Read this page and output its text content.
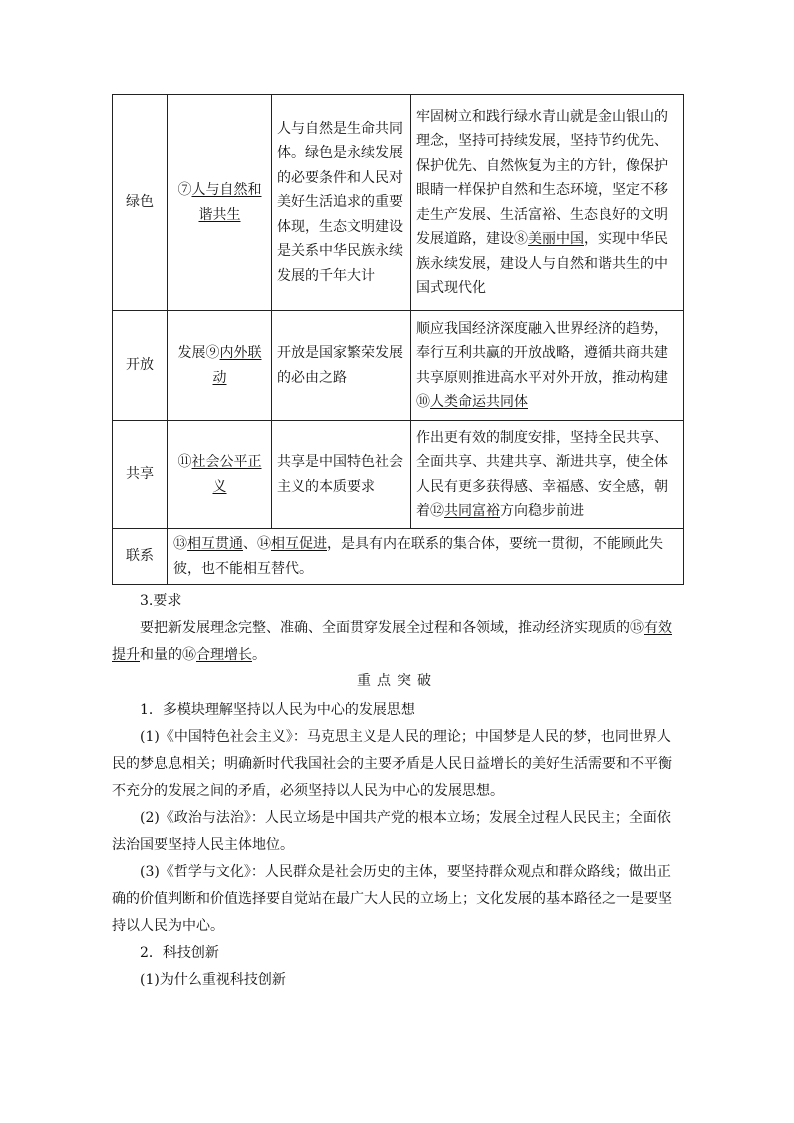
绿色	⑦人与自然和谐共生	人与自然是生命共同体。绿色是永续发展的必要条件和人民对美好生活追求的重要体现，生态文明建设是关系中华民族永续发展的千年大计	牢固树立和践行绿水青山就是金山银山的理念，坚持可持续发展，坚持节约优先、保护优先、自然恢复为主的方针，像保护眼睛一样保护自然和生态环境，坚定不移走生产发展、生活富裕、生态良好的文明发展道路，建设⑧美丽中国，实现中华民族永续发展，建设人与自然和谐共生的中国式现代化
开放	发展⑨内外联动	开放是国家繁荣发展的必由之路	顺应我国经济深度融入世界经济的趋势，奉行互利共赢的开放战略，遵循共商共建共享原则推进高水平对外开放，推动构建⑩人类命运共同体
共享	⑪社会公平正义	共享是中国特色社会主义的本质要求	作出更有效的制度安排，坚持全民共享、全面共享、共建共享、渐进共享，使全体人民有更多获得感、幸福感、安全感，朝着⑫共同富裕方向稳步前进
联系	⑬相互贯通、⑭相互促进，是具有内在联系的集合体，要统一贯彻，不能顾此失彼，也不能相互替代。		

3.要求

要把新发展理念完整、准确、全面贯穿发展全过程和各领域，推动经济实现质的⑮有效提升和量的⑯合理增长。

重点突破

1．多模块理解坚持以人民为中心的发展思想

(1)《中国特色社会主义》：马克思主义是人民的理论；中国梦是人民的梦，也同世界人民的梦息息相关；明确新时代我国社会的主要矛盾是人民日益增长的美好生活需要和不平衡不充分的发展之间的矛盾，必须坚持以人民为中心的发展思想。

(2)《政治与法治》：人民立场是中国共产党的根本立场；发展全过程人民民主；全面依法治国要坚持人民主体地位。

(3)《哲学与文化》：人民群众是社会历史的主体，要坚持群众观点和群众路线；做出正确的价值判断和价值选择要自觉站在最广大人民的立场上；文化发展的基本路径之一是要坚持以人民为中心。

2．科技创新

(1)为什么重视科技创新
